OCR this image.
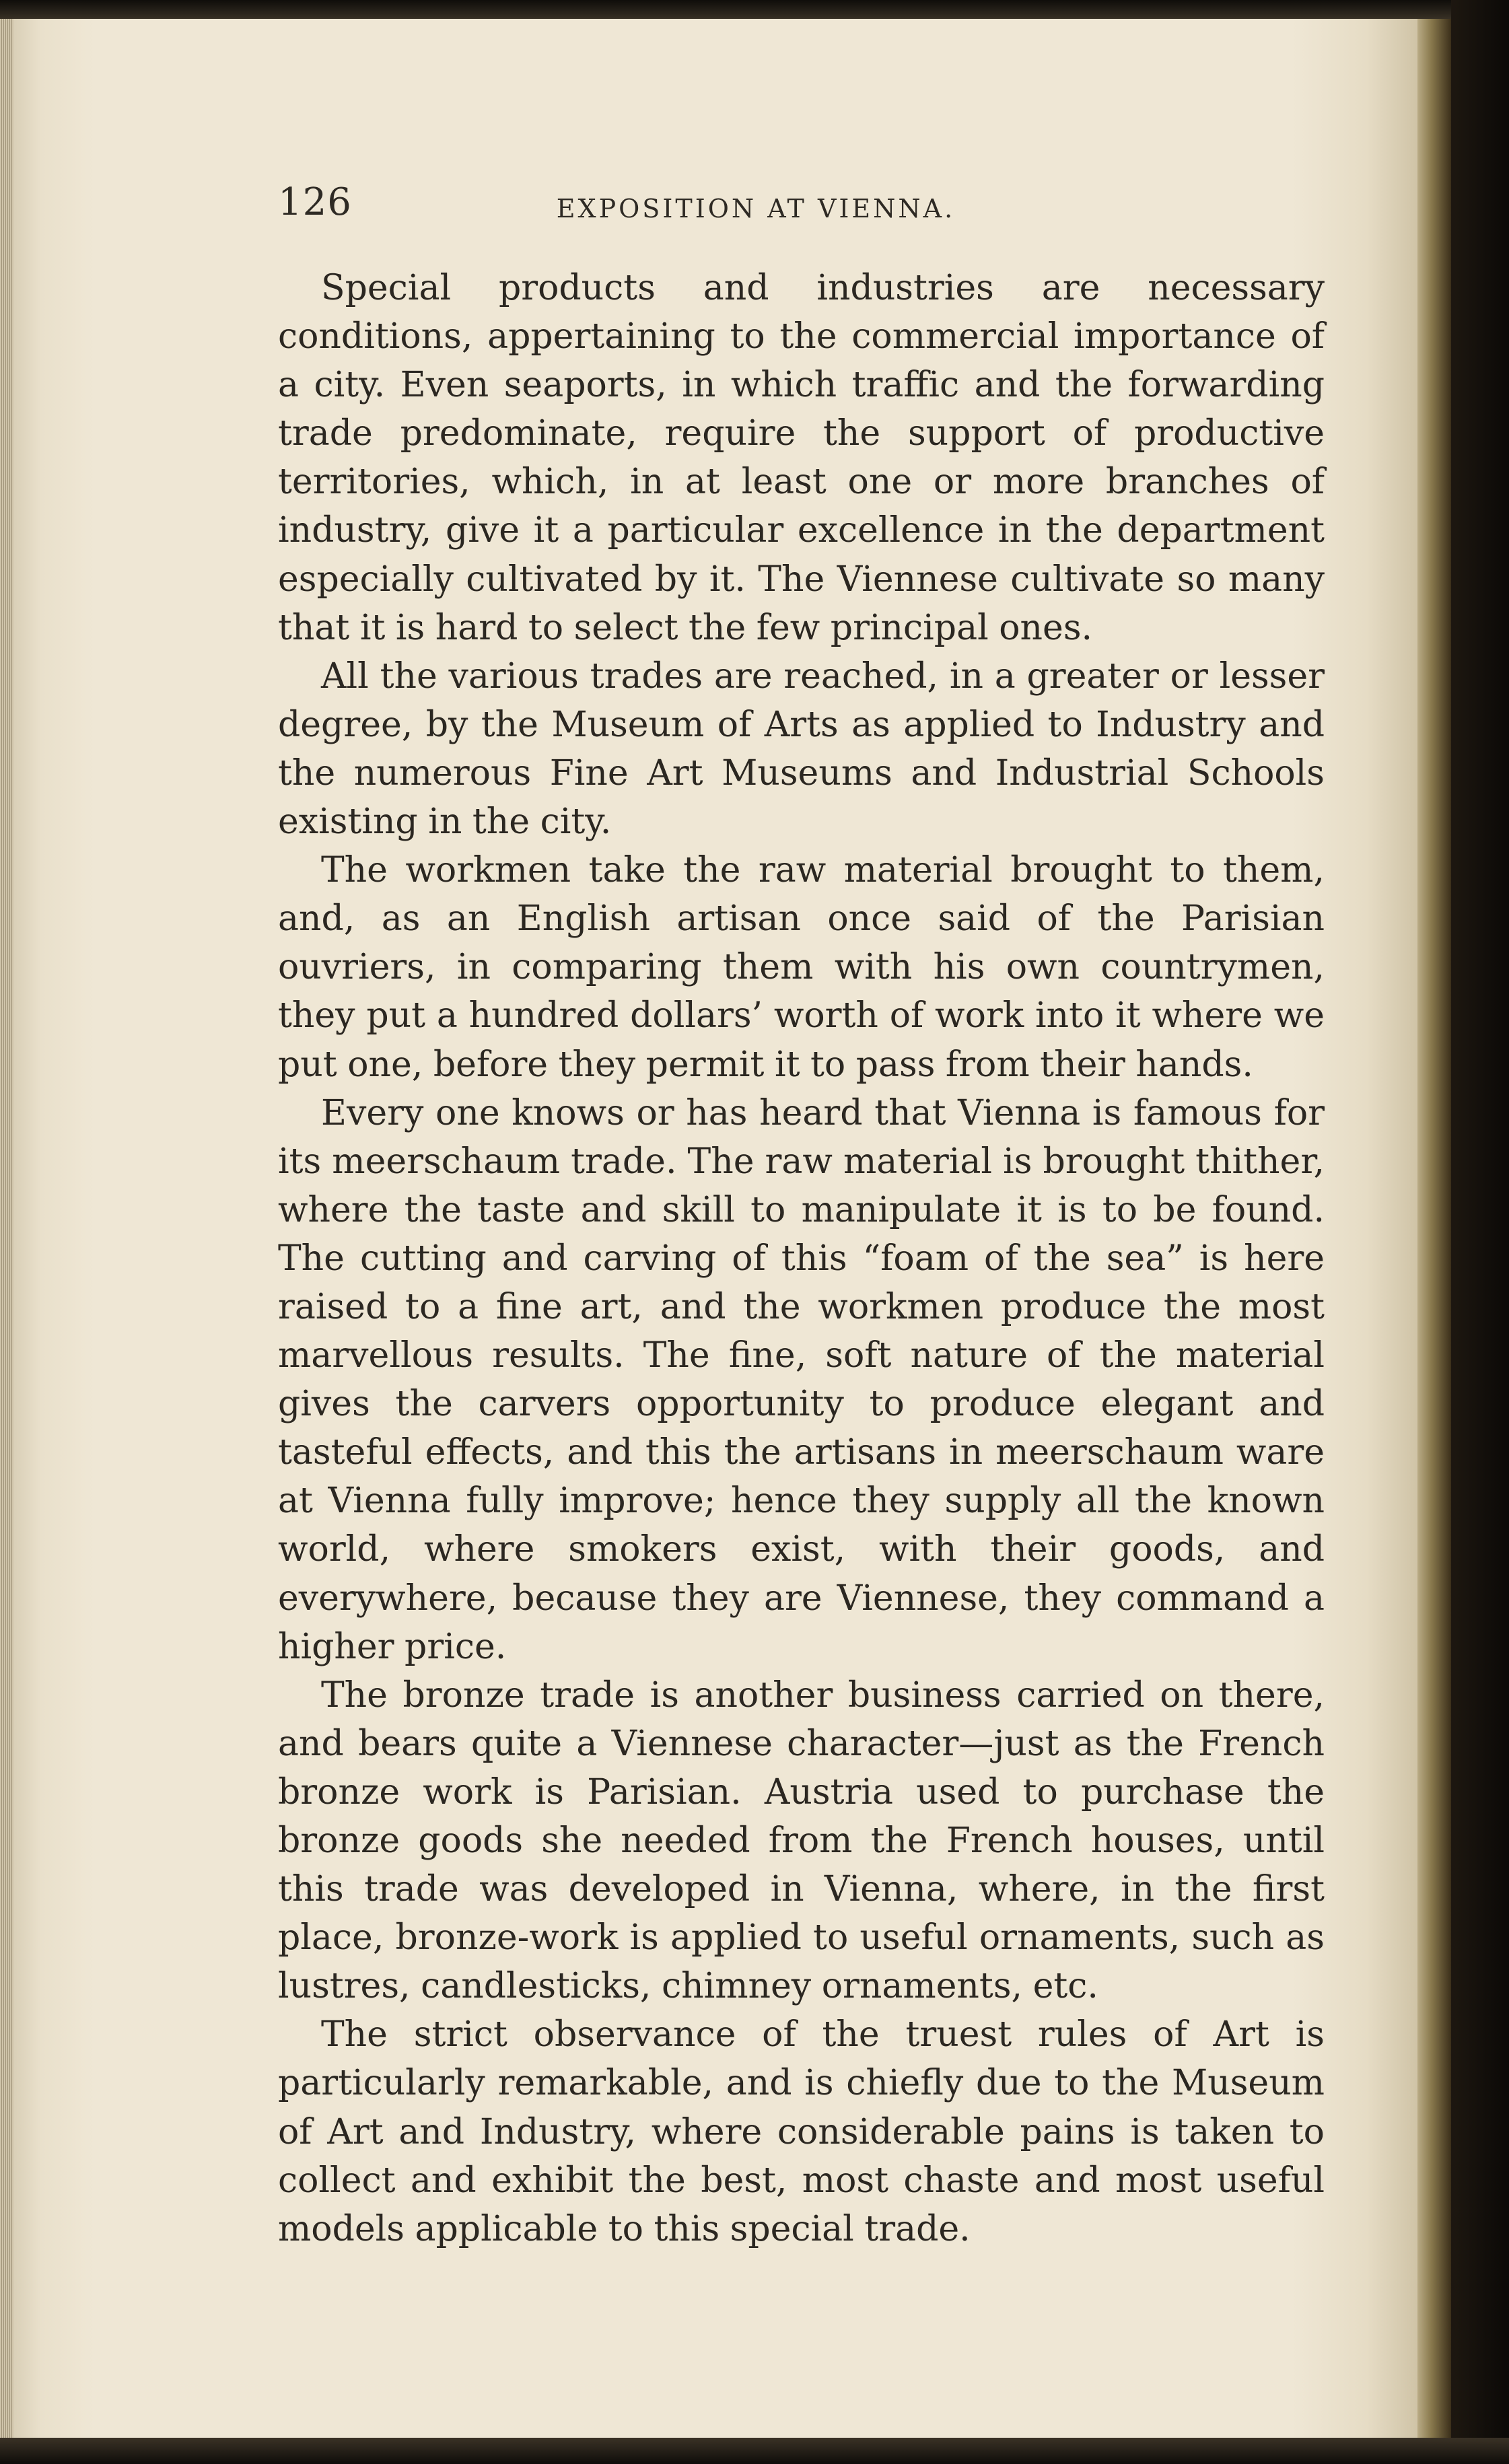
126	EXPOSITION AT VIENNA.

Special products and industries are necessary conditions, appertaining to the commercial importance of a city. Even seaports, in which traffic and the forwarding trade predominate, require the support of productive territories, which, in at least one or more branches of industry, give it a particular excellence in the department especially cultivated by it. The Viennese cultivate so many that it is hard to select the few principal ones.

All the various trades are reached, in a greater or lesser degree, by the Museum of Arts as applied to Industry and the numerous Fine Art Museums and Industrial Schools existing in the city.

The workmen take the raw material brought to them, and, as an English artisan once said of the Parisian ouvriers, in comparing them with his own countrymen, they put a hundred dollars’ worth of work into it where we put one, before they permit it to pass from their hands.

Every one knows or has heard that Vienna is famous for its meerschaum trade. The raw material is brought thither, where the taste and skill to manipulate it is to be found. The cutting and carving of this “foam of the sea” is here raised to a fine art, and the workmen produce the most marvellous results. The fine, soft nature of the material gives the carvers opportunity to produce elegant and tasteful effects, and this the artisans in meerschaum ware at Vienna fully improve; hence they supply all the known world, where smokers exist, with their goods, and everywhere, because they are Viennese, they command a higher price.

The bronze trade is another business carried on there, and bears quite a Viennese character—just as the French bronze work is Parisian. Austria used to purchase the bronze goods she needed from the French houses, until this trade was developed in Vienna, where, in the first place, bronze-work is applied to useful ornaments, such as lustres, candlesticks, chimney ornaments, etc.

The strict observance of the truest rules of Art is particularly remarkable, and is chiefly due to the Museum of Art and Industry, where considerable pains is taken to collect and exhibit the best, most chaste and most useful models applicable to this special trade.
